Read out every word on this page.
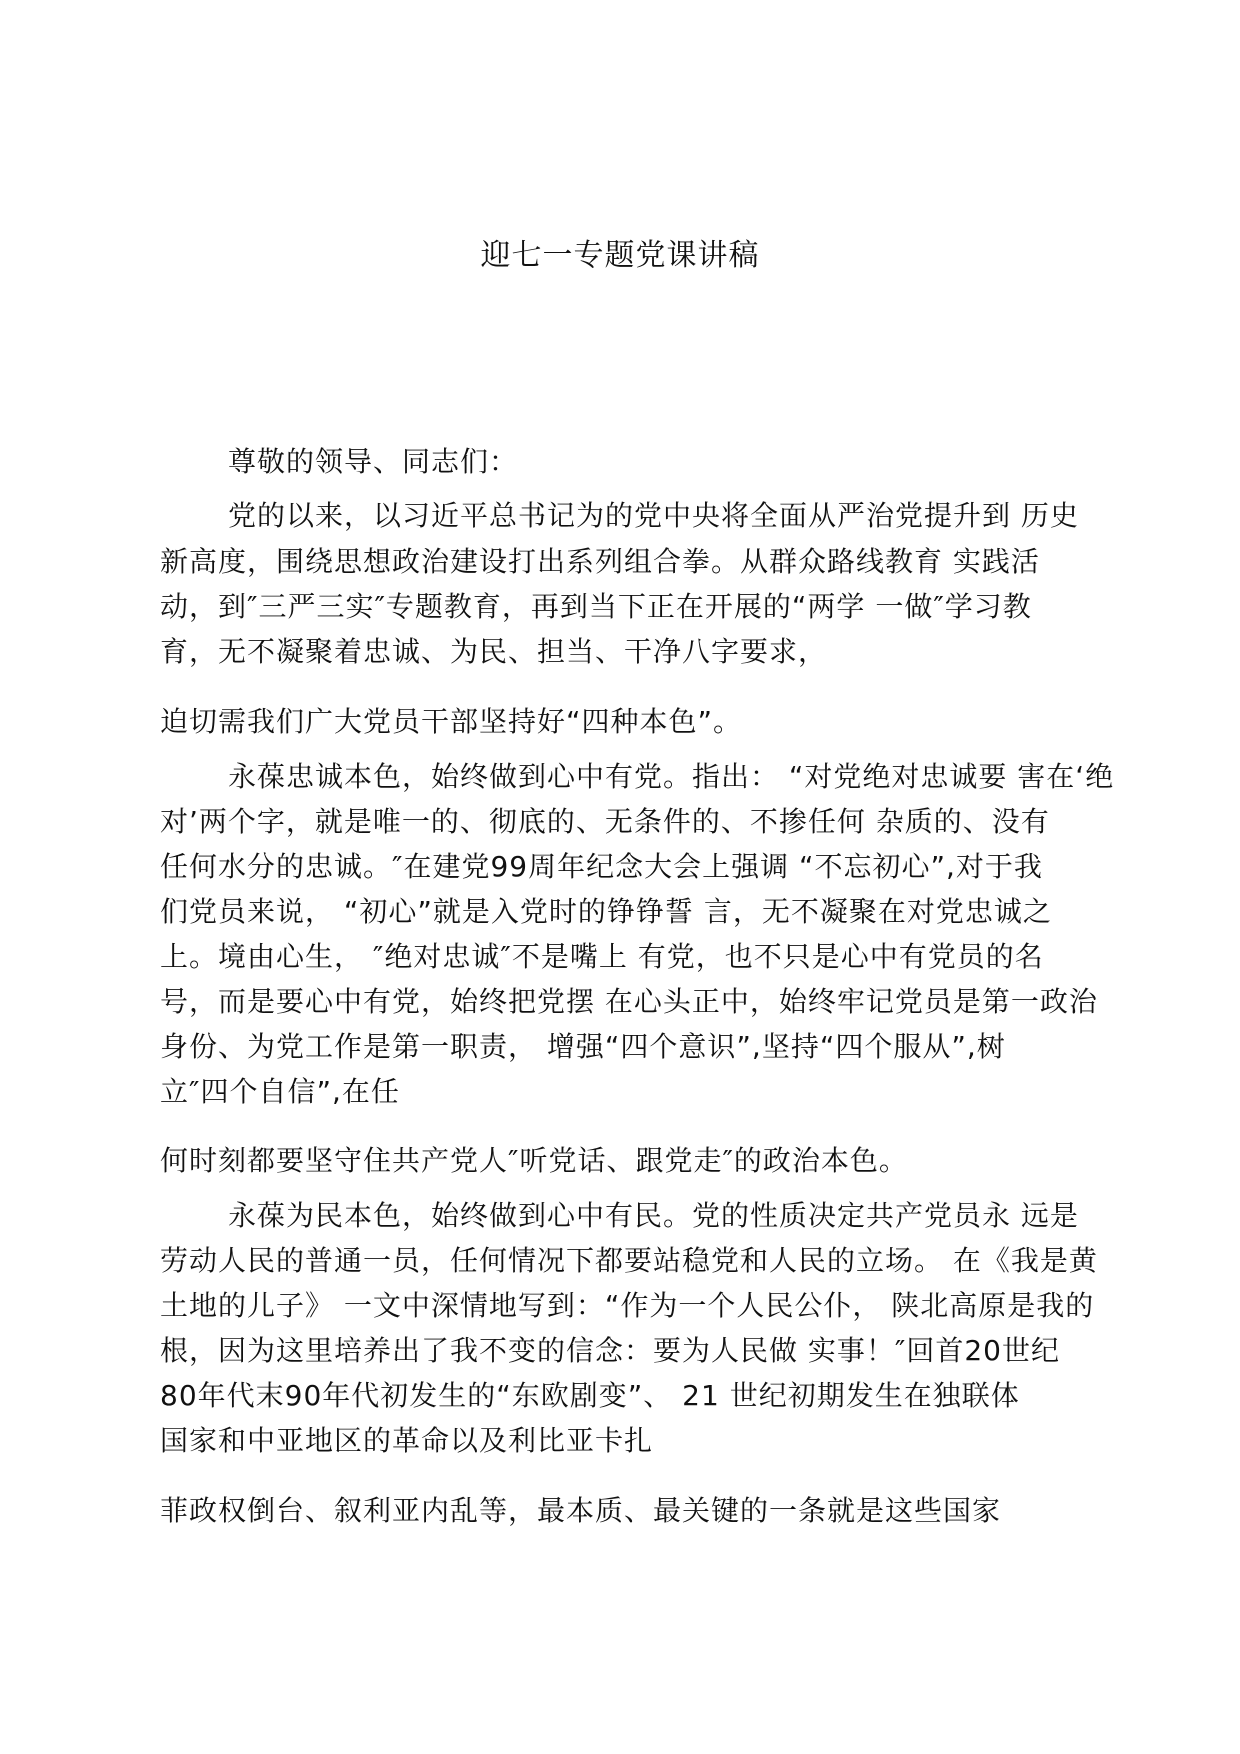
迎七一专题党课讲稿
尊敬的领导、同志们：
党的以来，以习近平总书记为的党中央将全面从严治党提升到 历史
新高度，围绕思想政治建设打出系列组合拳。从群众路线教育 实践活
动，到″三严三实″专题教育，再到当下正在开展的“两学 一做″学习教
育，无不凝聚着忠诚、为民、担当、干净八字要求，
迫切需我们广大党员干部坚持好“四种本色”。
永葆忠诚本色，始终做到心中有党。指出： “对党绝对忠诚要 害在‘绝
对’两个字，就是唯一的、彻底的、无条件的、不掺任何 杂质的、没有
任何水分的忠诚。″在建党99周年纪念大会上强调 “不忘初心”,对于我
们党员来说， “初心”就是入党时的铮铮誓 言，无不凝聚在对党忠诚之
上。境由心生， ″绝对忠诚″不是嘴上 有党，也不只是心中有党员的名
号，而是要心中有党，始终把党摆 在心头正中，始终牢记党员是第一政治
身份、为党工作是第一职责， 增强“四个意识”,坚持“四个服从”,树
立″四个自信”,在任
何时刻都要坚守住共产党人″听党话、跟党走″的政治本色。
永葆为民本色，始终做到心中有民。党的性质决定共产党员永 远是
劳动人民的普通一员，任何情况下都要站稳党和人民的立场。 在《我是黄
土地的儿子》 一文中深情地写到：“作为一个人民公仆， 陕北高原是我的
根，因为这里培养出了我不变的信念：要为人民做 实事！″回首20世纪
80年代末90年代初发生的“东欧剧变”、 21 世纪初期发生在独联体
国家和中亚地区的革命以及利比亚卡扎
菲政权倒台、叙利亚内乱等，最本质、最关键的一条就是这些国家
